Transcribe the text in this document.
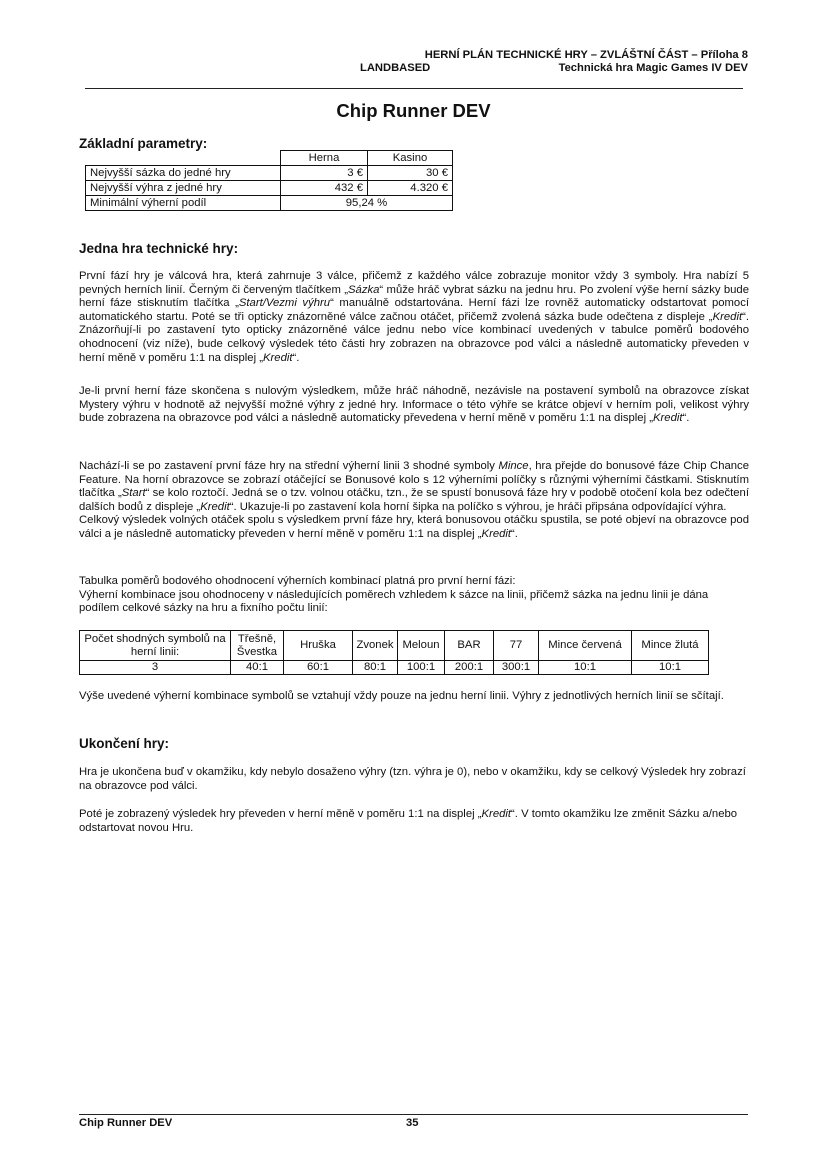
HERNÍ PLÁN TECHNICKÉ HRY – ZVLÁŠTNÍ ČÁST – Příloha 8
LANDBASED	Technická hra Magic Games IV DEV
Chip Runner DEV
Základní parametry:
	Herna	Kasino
Nejvyšší sázka do jedné hry	3 €	30 €
Nejvyšší výhra z jedné hry	432 €	4.320 €
Minimální výherní podíl	95,24 %	
Jedna hra technické hry:

První fází hry je válcová hra, která zahrnuje 3 válce, přičemž z každého válce zobrazuje monitor vždy 3 symboly. Hra nabízí 5 pevných herních linií. Černým či červeným tlačítkem „Sázka“ může hráč vybrat sázku na jednu hru. Po zvolení výše herní sázky bude herní fáze stisknutím tlačítka „Start/Vezmi výhru“ manuálně odstartována. Herní fázi lze rovněž automaticky odstartovat pomocí automatického startu. Poté se tři opticky znázorněné válce začnou otáčet, přičemž zvolená sázka bude odečtena z displeje „Kredit“. Znázorňují-li po zastavení tyto opticky znázorněné válce jednu nebo více kombinací uvedených v tabulce poměrů bodového ohodnocení (viz níže), bude celkový výsledek této části hry zobrazen na obrazovce pod válci a následně automaticky převeden v herní měně v poměru 1:1 na displej „Kredit“.

Je-li první herní fáze skončena s nulovým výsledkem, může hráč náhodně, nezávisle na postavení symbolů na obrazovce získat Mystery výhru v hodnotě až nejvyšší možné výhry z jedné hry. Informace o této výhře se krátce objeví v herním poli, velikost výhry bude zobrazena na obrazovce pod válci a následně automaticky převedena v herní měně v poměru 1:1 na displej „Kredit“.

Nachází-li se po zastavení první fáze hry na střední výherní linii 3 shodné symboly Mince, hra přejde do bonusové fáze Chip Chance Feature. Na horní obrazovce se zobrazí otáčející se Bonusové kolo s 12 výherními políčky s různými výherními částkami. Stisknutím tlačítka „Start“ se kolo roztočí. Jedná se o tzv. volnou otáčku, tzn., že se spustí bonusová fáze hry v podobě otočení kola bez odečtení dalších bodů z displeje „Kredit“. Ukazuje-li po zastavení kola horní šipka na políčko s výhrou, je hráči připsána odpovídající výhra.

Celkový výsledek volných otáček spolu s výsledkem první fáze hry, která bonusovou otáčku spustila, se poté objeví na obrazovce pod válci a je následně automaticky převeden v herní měně v poměru 1:1 na displej „Kredit“.

Tabulka poměrů bodového ohodnocení výherních kombinací platná pro první herní fázi:

Výherní kombinace jsou ohodnoceny v následujících poměrech vzhledem k sázce na linii, přičemž sázka na jednu linii je dána podílem celkové sázky na hru a fixního počtu linií:

Počet shodných symbolů na herní linii:	Třešně, Švestka	Hruška	Zvonek	Meloun	BAR	77	Mince červená	Mince žlutá
3	40:1	60:1	80:1	100:1	200:1	300:1	10:1	10:1

Výše uvedené výherní kombinace symbolů se vztahují vždy pouze na jednu herní linii. Výhry z jednotlivých herních linií se sčítají.

Ukončení hry:

Hra je ukončena buď v okamžiku, kdy nebylo dosaženo výhry (tzn. výhra je 0), nebo v okamžiku, kdy se celkový Výsledek hry zobrazí na obrazovce pod válci.

Poté je zobrazený výsledek hry převeden v herní měně v poměru 1:1 na displej „Kredit“. V tomto okamžiku lze změnit Sázku a/nebo odstartovat novou Hru.

Chip Runner DEV	35
